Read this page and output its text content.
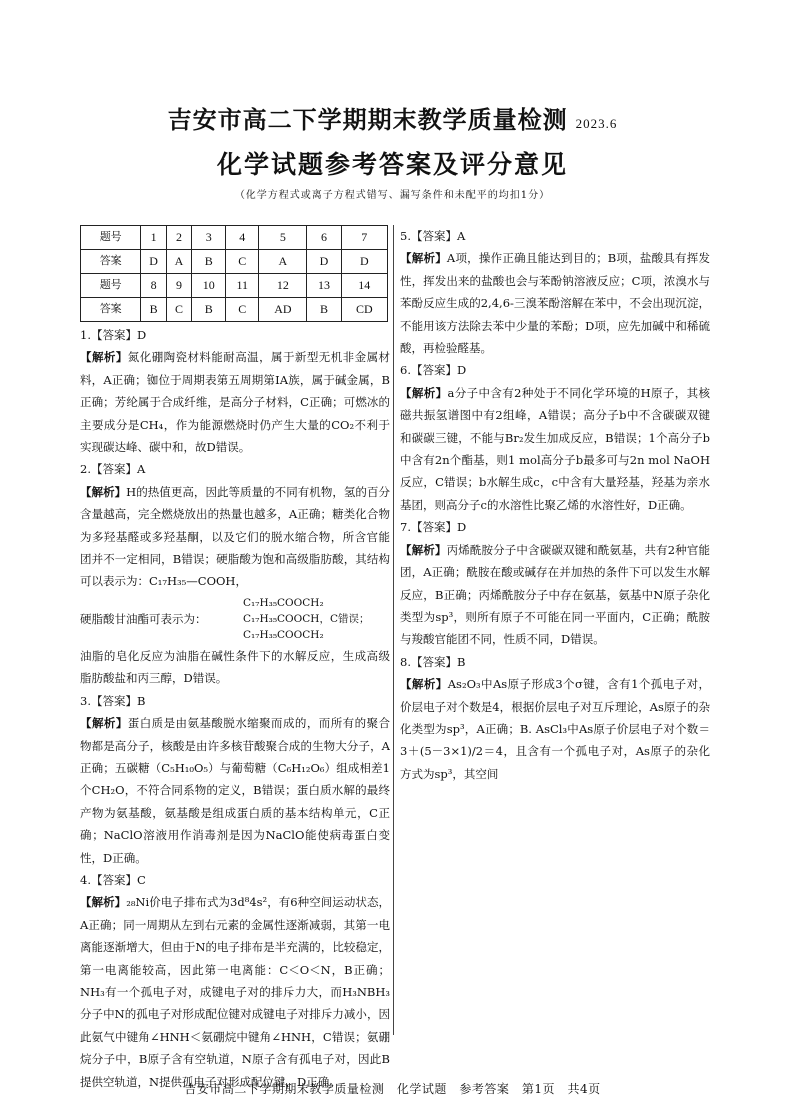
吉安市高二下学期期末教学质量检测 2023.6
化学试题参考答案及评分意见
（化学方程式或离子方程式错写、漏写条件和未配平的均扣1分）
题号	1	2	3	4	5	6	7
答案	D	A	B	C	A	D	D
题号	8	9	10	11	12	13	14
答案	B	C	B	C	AD	B	CD
1.【答案】D
【解析】氮化硼陶瓷材料能耐高温，属于新型无机非金属材料，A正确；铷位于周期表第五周期第ⅠA族，属于碱金属，B正确；芳纶属于合成纤维，是高分子材料，C正确；可燃冰的主要成分是CH₄，作为能源燃烧时仍产生大量的CO₂不利于实现碳达峰、碳中和，故D错误。
2.【答案】A
【解析】H的热值更高，因此等质量的不同有机物，氢的百分含量越高，完全燃烧放出的热量也越多，A正确；糖类化合物为多羟基醛或多羟基酮，以及它们的脱水缩合物，所含官能团并不一定相同，B错误；硬脂酸为饱和高级脂肪酸，其结构可以表示为：C₁₇H₃₅—COOH，
硬脂酸甘油酯可表示为：
C₁₇H₃₅COOCH₂
C₁₇H₃₅COOCH，C错误；
C₁₇H₃₅COOCH₂
油脂的皂化反应为油脂在碱性条件下的水解反应，生成高级脂肪酸盐和丙三醇，D错误。
3.【答案】B
【解析】蛋白质是由氨基酸脱水缩聚而成的，而所有的聚合物都是高分子，核酸是由许多核苷酸聚合成的生物大分子，A正确；五碳糖（C₅H₁₀O₅）与葡萄糖（C₆H₁₂O₆）组成相差1个CH₂O，不符合同系物的定义，B错误；蛋白质水解的最终产物为氨基酸，氨基酸是组成蛋白质的基本结构单元，C正确；NaClO溶液用作消毒剂是因为NaClO能使病毒蛋白变性，D正确。
4.【答案】C
【解析】₂₈Ni价电子排布式为3d⁸4s²，有6种空间运动状态，A正确；同一周期从左到右元素的金属性逐渐减弱，其第一电离能逐渐增大，但由于N的电子排布是半充满的，比较稳定，第一电离能较高，因此第一电离能：C＜O＜N，B正确；NH₃有一个孤电子对，成键电子对的排斥力大，而H₃NBH₃分子中N的孤电子对形成配位键对成键电子对排斥力减小，因此氨气中键角∠HNH＜氨硼烷中键角∠HNH，C错误；氨硼烷分子中，B原子含有空轨道，N原子含有孤电子对，因此B提供空轨道，N提供孤电子对形成配位键，D正确。
5.【答案】A
【解析】A项，操作正确且能达到目的；B项，盐酸具有挥发性，挥发出来的盐酸也会与苯酚钠溶液反应；C项，浓溴水与苯酚反应生成的2,4,6-三溴苯酚溶解在苯中，不会出现沉淀，不能用该方法除去苯中少量的苯酚；D项，应先加碱中和稀硫酸，再检验醛基。
6.【答案】D
【解析】a分子中含有2种处于不同化学环境的H原子，其核磁共振氢谱图中有2组峰，A错误；高分子b中不含碳碳双键和碳碳三键，不能与Br₂发生加成反应，B错误；1个高分子b中含有2n个酯基，则1 mol高分子b最多可与2n mol NaOH反应，C错误；b水解生成c，c中含有大量羟基，羟基为亲水基团，则高分子c的水溶性比聚乙烯的水溶性好，D正确。
7.【答案】D
【解析】丙烯酰胺分子中含碳碳双键和酰氨基，共有2种官能团，A正确；酰胺在酸或碱存在并加热的条件下可以发生水解反应，B正确；丙烯酰胺分子中存在氨基，氨基中N原子杂化类型为sp³，则所有原子不可能在同一平面内，C正确；酰胺与羧酸官能团不同，性质不同，D错误。
8.【答案】B
【解析】As₂O₃中As原子形成3个σ键，含有1个孤电子对，价层电子对个数是4，根据价层电子对互斥理论，As原子的杂化类型为sp³，A正确；B. AsCl₃中As原子价层电子对个数＝3＋(5－3×1)/2＝4，且含有一个孤电子对，As原子的杂化方式为sp³，其空间
吉安市高二下学期期末教学质量检测　化学试题　参考答案　第1页　共4页
